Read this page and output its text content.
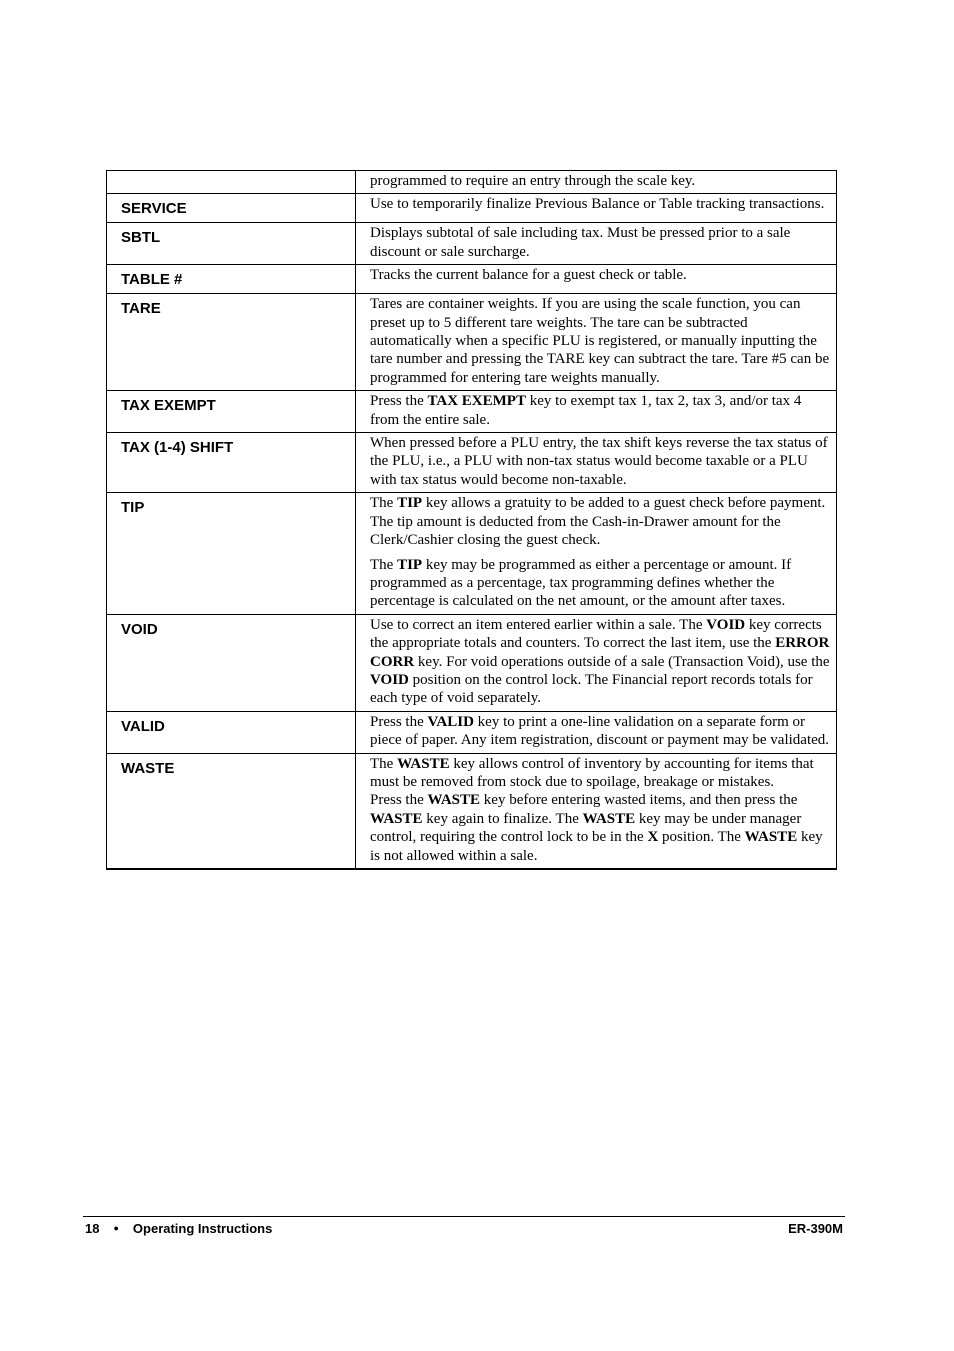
	programmed to require an entry through the scale key.

SERVICE	Use to temporarily finalize Previous Balance or Table tracking transactions.

SBTL	Displays subtotal of sale including tax. Must be pressed prior to a sale discount or sale surcharge.

TABLE #	Tracks the current balance for a guest check or table.

TARE	Tares are container weights. If you are using the scale function, you can preset up to 5 different tare weights. The tare can be subtracted automatically when a specific PLU is registered, or manually inputting the tare number and pressing the TARE key can subtract the tare. Tare #5 can be programmed for entering tare weights manually.

TAX EXEMPT	Press the TAX EXEMPT key to exempt tax 1, tax 2, tax 3, and/or tax 4 from the entire sale.

TAX (1-4) SHIFT	When pressed before a PLU entry, the tax shift keys reverse the tax status of the PLU, i.e., a PLU with non-tax status would become taxable or a PLU with tax status would become non-taxable.

TIP	The TIP key allows a gratuity to be added to a guest check before payment. The tip amount is deducted from the Cash-in-Drawer amount for the Clerk/Cashier closing the guest check.

The TIP key may be programmed as either a percentage or amount. If programmed as a percentage, tax programming defines whether the percentage is calculated on the net amount, or the amount after taxes.

VOID	Use to correct an item entered earlier within a sale. The VOID key corrects the appropriate totals and counters. To correct the last item, use the ERROR CORR key. For void operations outside of a sale (Transaction Void), use the VOID position on the control lock. The Financial report records totals for each type of void separately.

VALID	Press the VALID key to print a one-line validation on a separate form or piece of paper. Any item registration, discount or payment may be validated.

WASTE	The WASTE key allows control of inventory by accounting for items that must be removed from stock due to spoilage, breakage or mistakes.

Press the WASTE key before entering wasted items, and then press the WASTE key again to finalize. The WASTE key may be under manager control, requiring the control lock to be in the X position. The WASTE key is not allowed within a sale.

18 ● Operating Instructions	ER-390M
